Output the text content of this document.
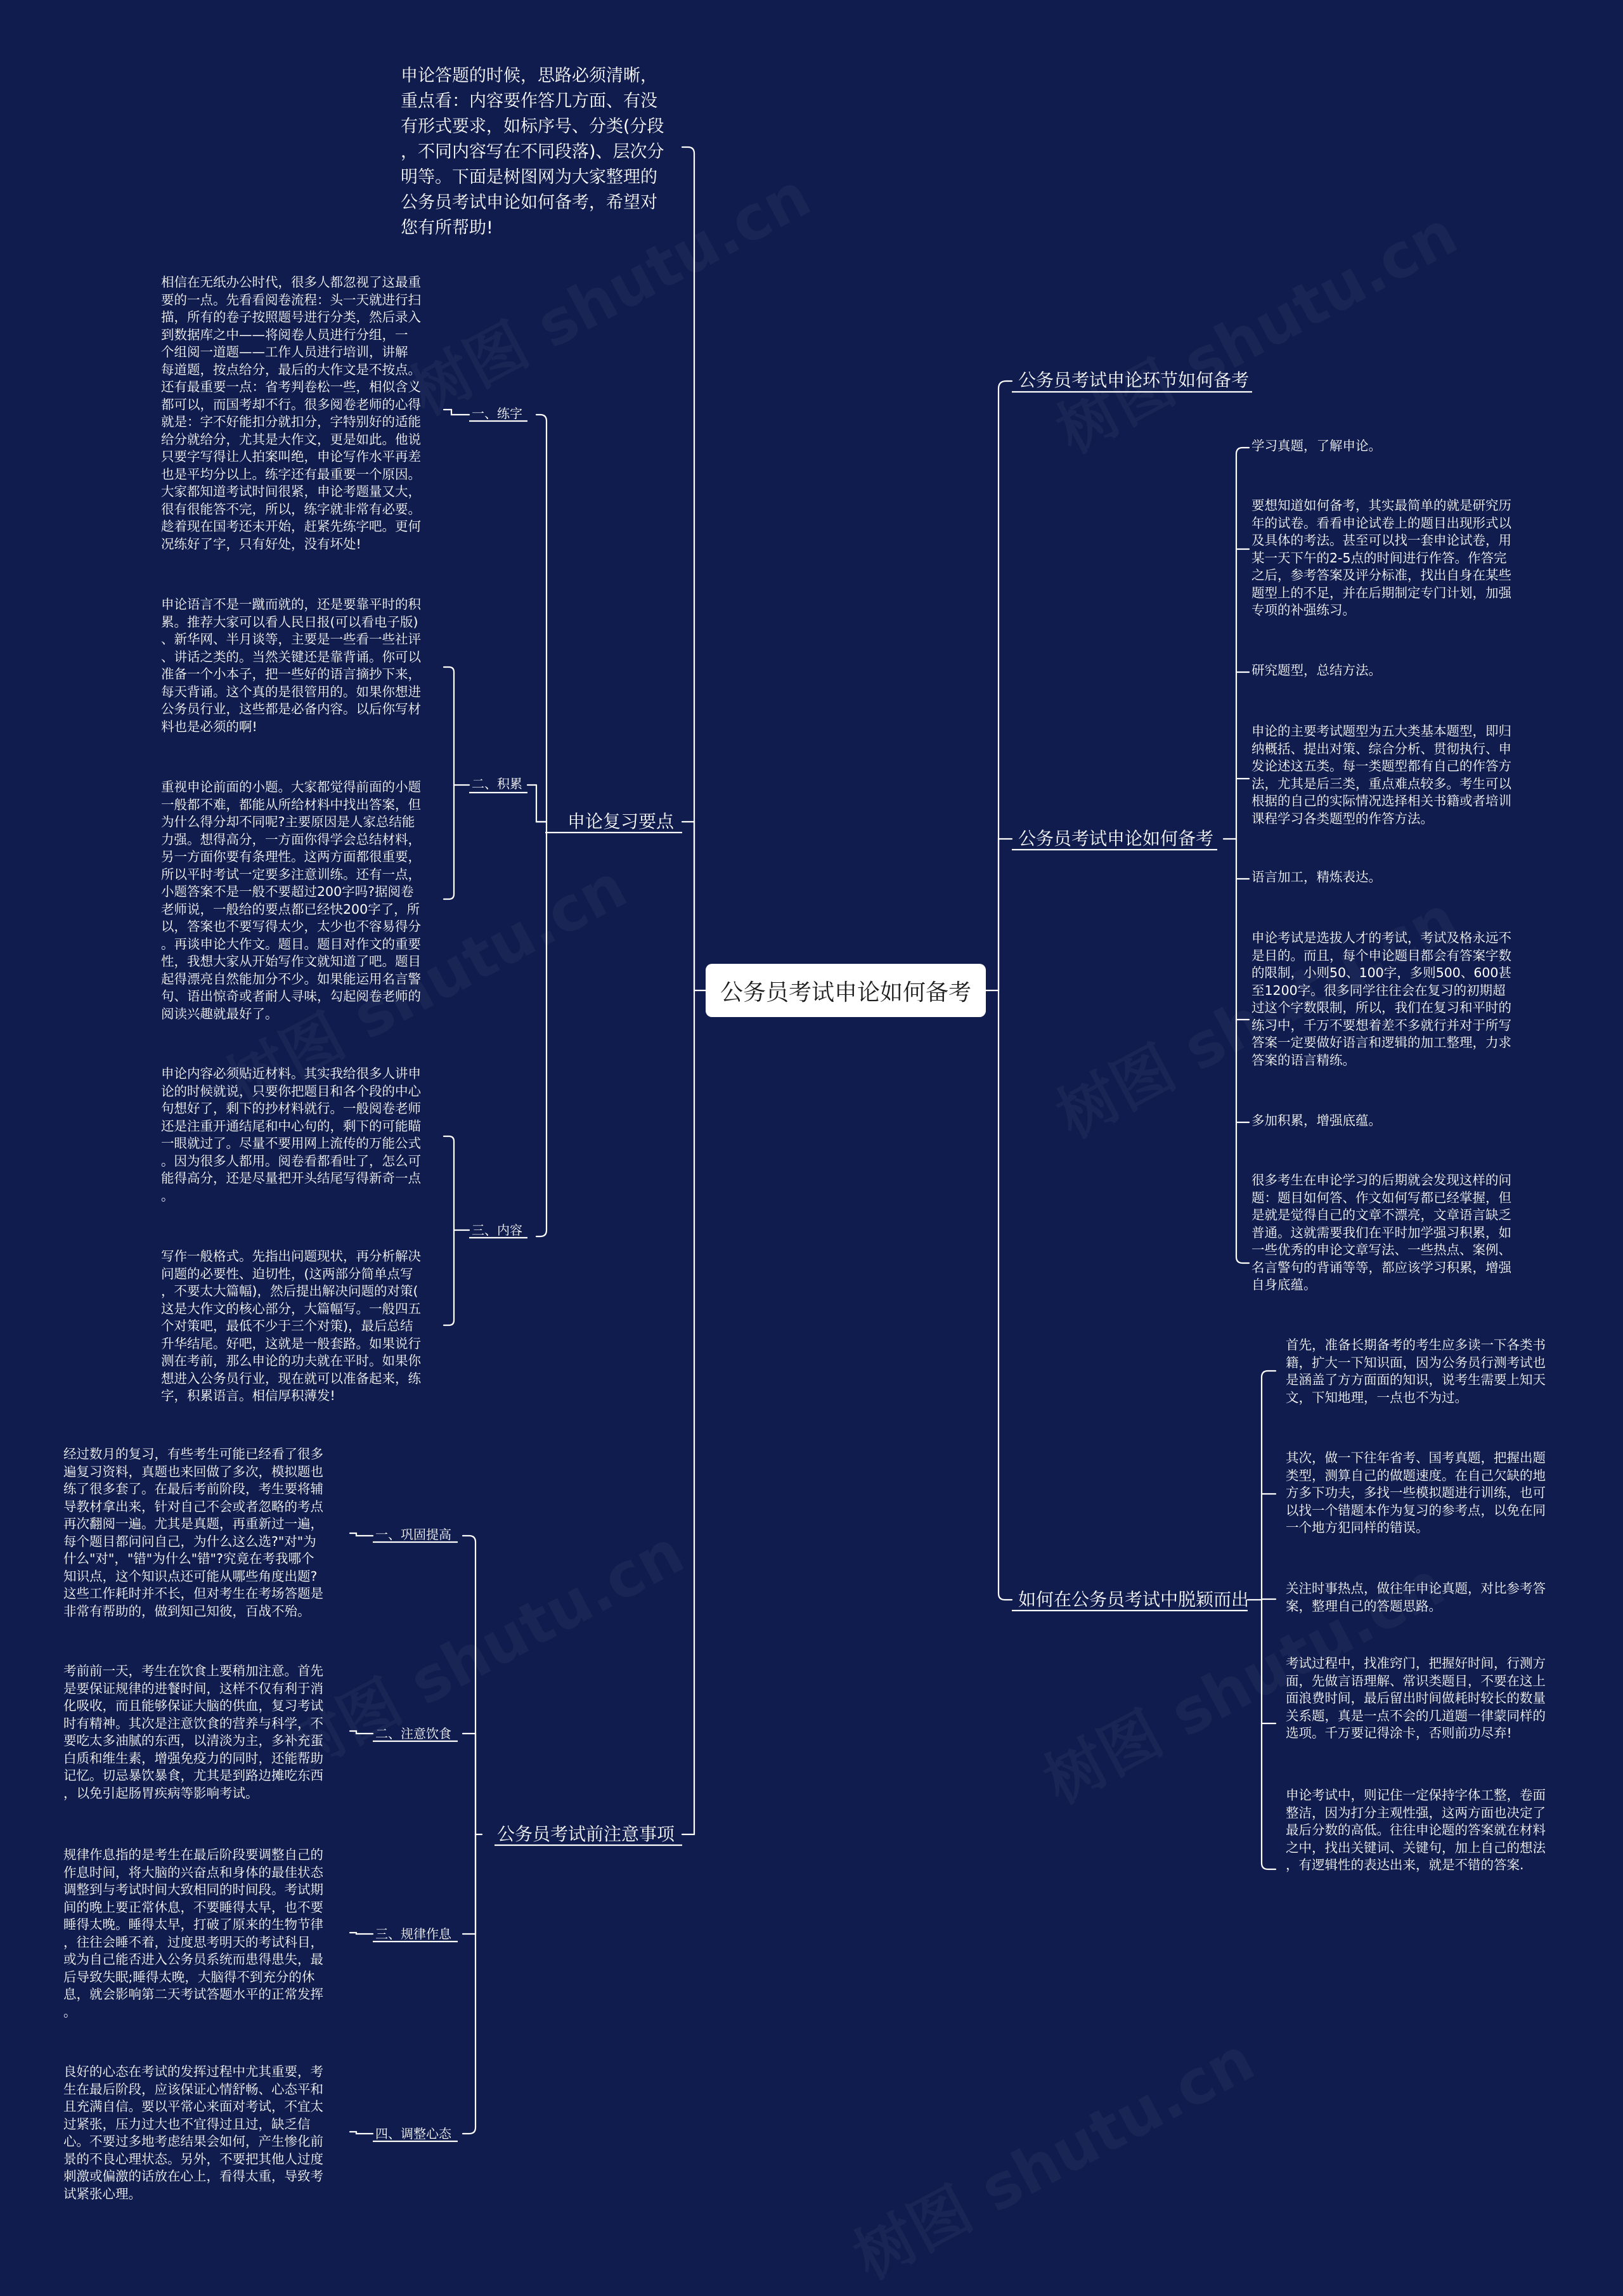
公务员考试申论如何备考
申论答题的时候，思路必须清晰，
重点看：内容要作答几方面、有没
有形式要求，如标序号、分类(分段
，不同内容写在不同段落)、层次分
明等。下面是树图网为大家整理的
公务员考试申论如何备考，希望对
您有所帮助!
申论复习要点
一、练字
二、积累
三、内容
相信在无纸办公时代，很多人都忽视了这最重
要的一点。先看看阅卷流程：头一天就进行扫
描，所有的卷子按照题号进行分类，然后录入
到数据库之中——将阅卷人员进行分组，一
个组阅一道题——工作人员进行培训，讲解
每道题，按点给分，最后的大作文是不按点。
还有最重要一点：省考判卷松一些，相似含义
都可以，而国考却不行。很多阅卷老师的心得
就是：字不好能扣分就扣分，字特别好的适能
给分就给分，尤其是大作文，更是如此。他说
只要字写得让人拍案叫绝，申论写作水平再差
也是平均分以上。练字还有最重要一个原因。
大家都知道考试时间很紧，申论考题量又大，
很有很能答不完，所以，练字就非常有必要。
趁着现在国考还未开始，赶紧先练字吧。更何
况练好了字，只有好处，没有坏处!
申论语言不是一蹴而就的，还是要靠平时的积
累。推荐大家可以看人民日报(可以看电子版)
、新华网、半月谈等，主要是一些看一些社评
、讲话之类的。当然关键还是靠背诵。你可以
准备一个小本子，把一些好的语言摘抄下来，
每天背诵。这个真的是很管用的。如果你想进
公务员行业，这些都是必备内容。以后你写材
料也是必须的啊!
重视申论前面的小题。大家都觉得前面的小题
一般都不难，都能从所给材料中找出答案，但
为什么得分却不同呢?主要原因是人家总结能
力强。想得高分，一方面你得学会总结材料，
另一方面你要有条理性。这两方面都很重要，
所以平时考试一定要多注意训练。还有一点，
小题答案不是一般不要超过200字吗?据阅卷
老师说，一般给的要点都已经快200字了，所
以，答案也不要写得太少，太少也不容易得分
。再谈申论大作文。题目。题目对作文的重要
性，我想大家从开始写作文就知道了吧。题目
起得漂亮自然能加分不少。如果能运用名言警
句、语出惊奇或者耐人寻味，勾起阅卷老师的
阅读兴趣就最好了。
申论内容必须贴近材料。其实我给很多人讲申
论的时候就说，只要你把题目和各个段的中心
句想好了，剩下的抄材料就行。一般阅卷老师
还是注重开通结尾和中心句的，剩下的可能瞄
一眼就过了。尽量不要用网上流传的万能公式
。因为很多人都用。阅卷看都看吐了，怎么可
能得高分，还是尽量把开头结尾写得新奇一点
。
写作一般格式。先指出问题现状，再分析解决
问题的必要性、迫切性，(这两部分简单点写
，不要太大篇幅)，然后提出解决问题的对策(
这是大作文的核心部分，大篇幅写。一般四五
个对策吧，最低不少于三个对策)，最后总结
升华结尾。好吧，这就是一般套路。如果说行
测在考前，那么申论的功夫就在平时。如果你
想进入公务员行业，现在就可以准备起来，练
字，积累语言。相信厚积薄发!
公务员考试前注意事项
一、巩固提高
二、注意饮食
三、规律作息
四、调整心态
经过数月的复习，有些考生可能已经看了很多
遍复习资料，真题也来回做了多次，模拟题也
练了很多套了。在最后考前阶段，考生要将辅
导教材拿出来，针对自己不会或者忽略的考点
再次翻阅一遍。尤其是真题，再重新过一遍，
每个题目都问问自己，为什么这么选?"对"为
什么"对"，"错"为什么"错"?究竟在考我哪个
知识点，这个知识点还可能从哪些角度出题?
这些工作耗时并不长，但对考生在考场答题是
非常有帮助的，做到知己知彼，百战不殆。
考前前一天，考生在饮食上要稍加注意。首先
是要保证规律的进餐时间，这样不仅有利于消
化吸收，而且能够保证大脑的供血，复习考试
时有精神。其次是注意饮食的营养与科学，不
要吃太多油腻的东西，以清淡为主，多补充蛋
白质和维生素，增强免疫力的同时，还能帮助
记忆。切忌暴饮暴食，尤其是到路边摊吃东西
，以免引起肠胃疾病等影响考试。
规律作息指的是考生在最后阶段要调整自己的
作息时间，将大脑的兴奋点和身体的最佳状态
调整到与考试时间大致相同的时间段。考试期
间的晚上要正常休息，不要睡得太早，也不要
睡得太晚。睡得太早，打破了原来的生物节律
，往往会睡不着，过度思考明天的考试科目，
或为自己能否进入公务员系统而患得患失，最
后导致失眠;睡得太晚，大脑得不到充分的休
息，就会影响第二天考试答题水平的正常发挥
。
良好的心态在考试的发挥过程中尤其重要，考
生在最后阶段，应该保证心情舒畅、心态平和
且充满自信。要以平常心来面对考试，不宜太
过紧张，压力过大也不宜得过且过，缺乏信
心。不要过多地考虑结果会如何，产生惨化前
景的不良心理状态。另外，不要把其他人过度
刺激或偏激的话放在心上，看得太重，导致考
试紧张心理。
公务员考试申论环节如何备考
公务员考试申论如何备考
学习真题，了解申论。
要想知道如何备考，其实最简单的就是研究历
年的试卷。看看申论试卷上的题目出现形式以
及具体的考法。甚至可以找一套申论试卷，用
某一天下午的2-5点的时间进行作答。作答完
之后，参考答案及评分标准，找出自身在某些
题型上的不足，并在后期制定专门计划，加强
专项的补强练习。
研究题型，总结方法。
申论的主要考试题型为五大类基本题型，即归
纳概括、提出对策、综合分析、贯彻执行、申
发论述这五类。每一类题型都有自己的作答方
法，尤其是后三类，重点难点较多。考生可以
根据的自己的实际情况选择相关书籍或者培训
课程学习各类题型的作答方法。
语言加工，精炼表达。
申论考试是选拔人才的考试，考试及格永远不
是目的。而且，每个申论题目都会有答案字数
的限制，小则50、100字，多则500、600甚
至1200字。很多同学往往会在复习的初期超
过这个字数限制，所以，我们在复习和平时的
练习中，千万不要想着差不多就行并对于所写
答案一定要做好语言和逻辑的加工整理，力求
答案的语言精练。
多加积累，增强底蕴。
很多考生在申论学习的后期就会发现这样的问
题：题目如何答、作文如何写都已经掌握，但
是就是觉得自己的文章不漂亮，文章语言缺乏
普通。这就需要我们在平时加学强习积累，如
一些优秀的申论文章写法、一些热点、案例、
名言警句的背诵等等，都应该学习积累，增强
自身底蕴。
如何在公务员考试中脱颖而出
首先，准备长期备考的考生应多读一下各类书
籍，扩大一下知识面，因为公务员行测考试也
是涵盖了方方面面的知识，说考生需要上知天
文，下知地理，一点也不为过。
其次，做一下往年省考、国考真题，把握出题
类型，测算自己的做题速度。在自己欠缺的地
方多下功夫，多找一些模拟题进行训练，也可
以找一个错题本作为复习的参考点，以免在同
一个地方犯同样的错误。
关注时事热点，做往年申论真题，对比参考答
案，整理自己的答题思路。
考试过程中，找准窍门，把握好时间，行测方
面，先做言语理解、常识类题目，不要在这上
面浪费时间，最后留出时间做耗时较长的数量
关系题，真是一点不会的几道题一律蒙同样的
选项。千万要记得涂卡，否则前功尽弃!
申论考试中，则记住一定保持字体工整，卷面
整洁，因为打分主观性强，这两方面也决定了
最后分数的高低。往往申论题的答案就在材料
之中，找出关键词、关键句，加上自己的想法
，有逻辑性的表达出来，就是不错的答案.
